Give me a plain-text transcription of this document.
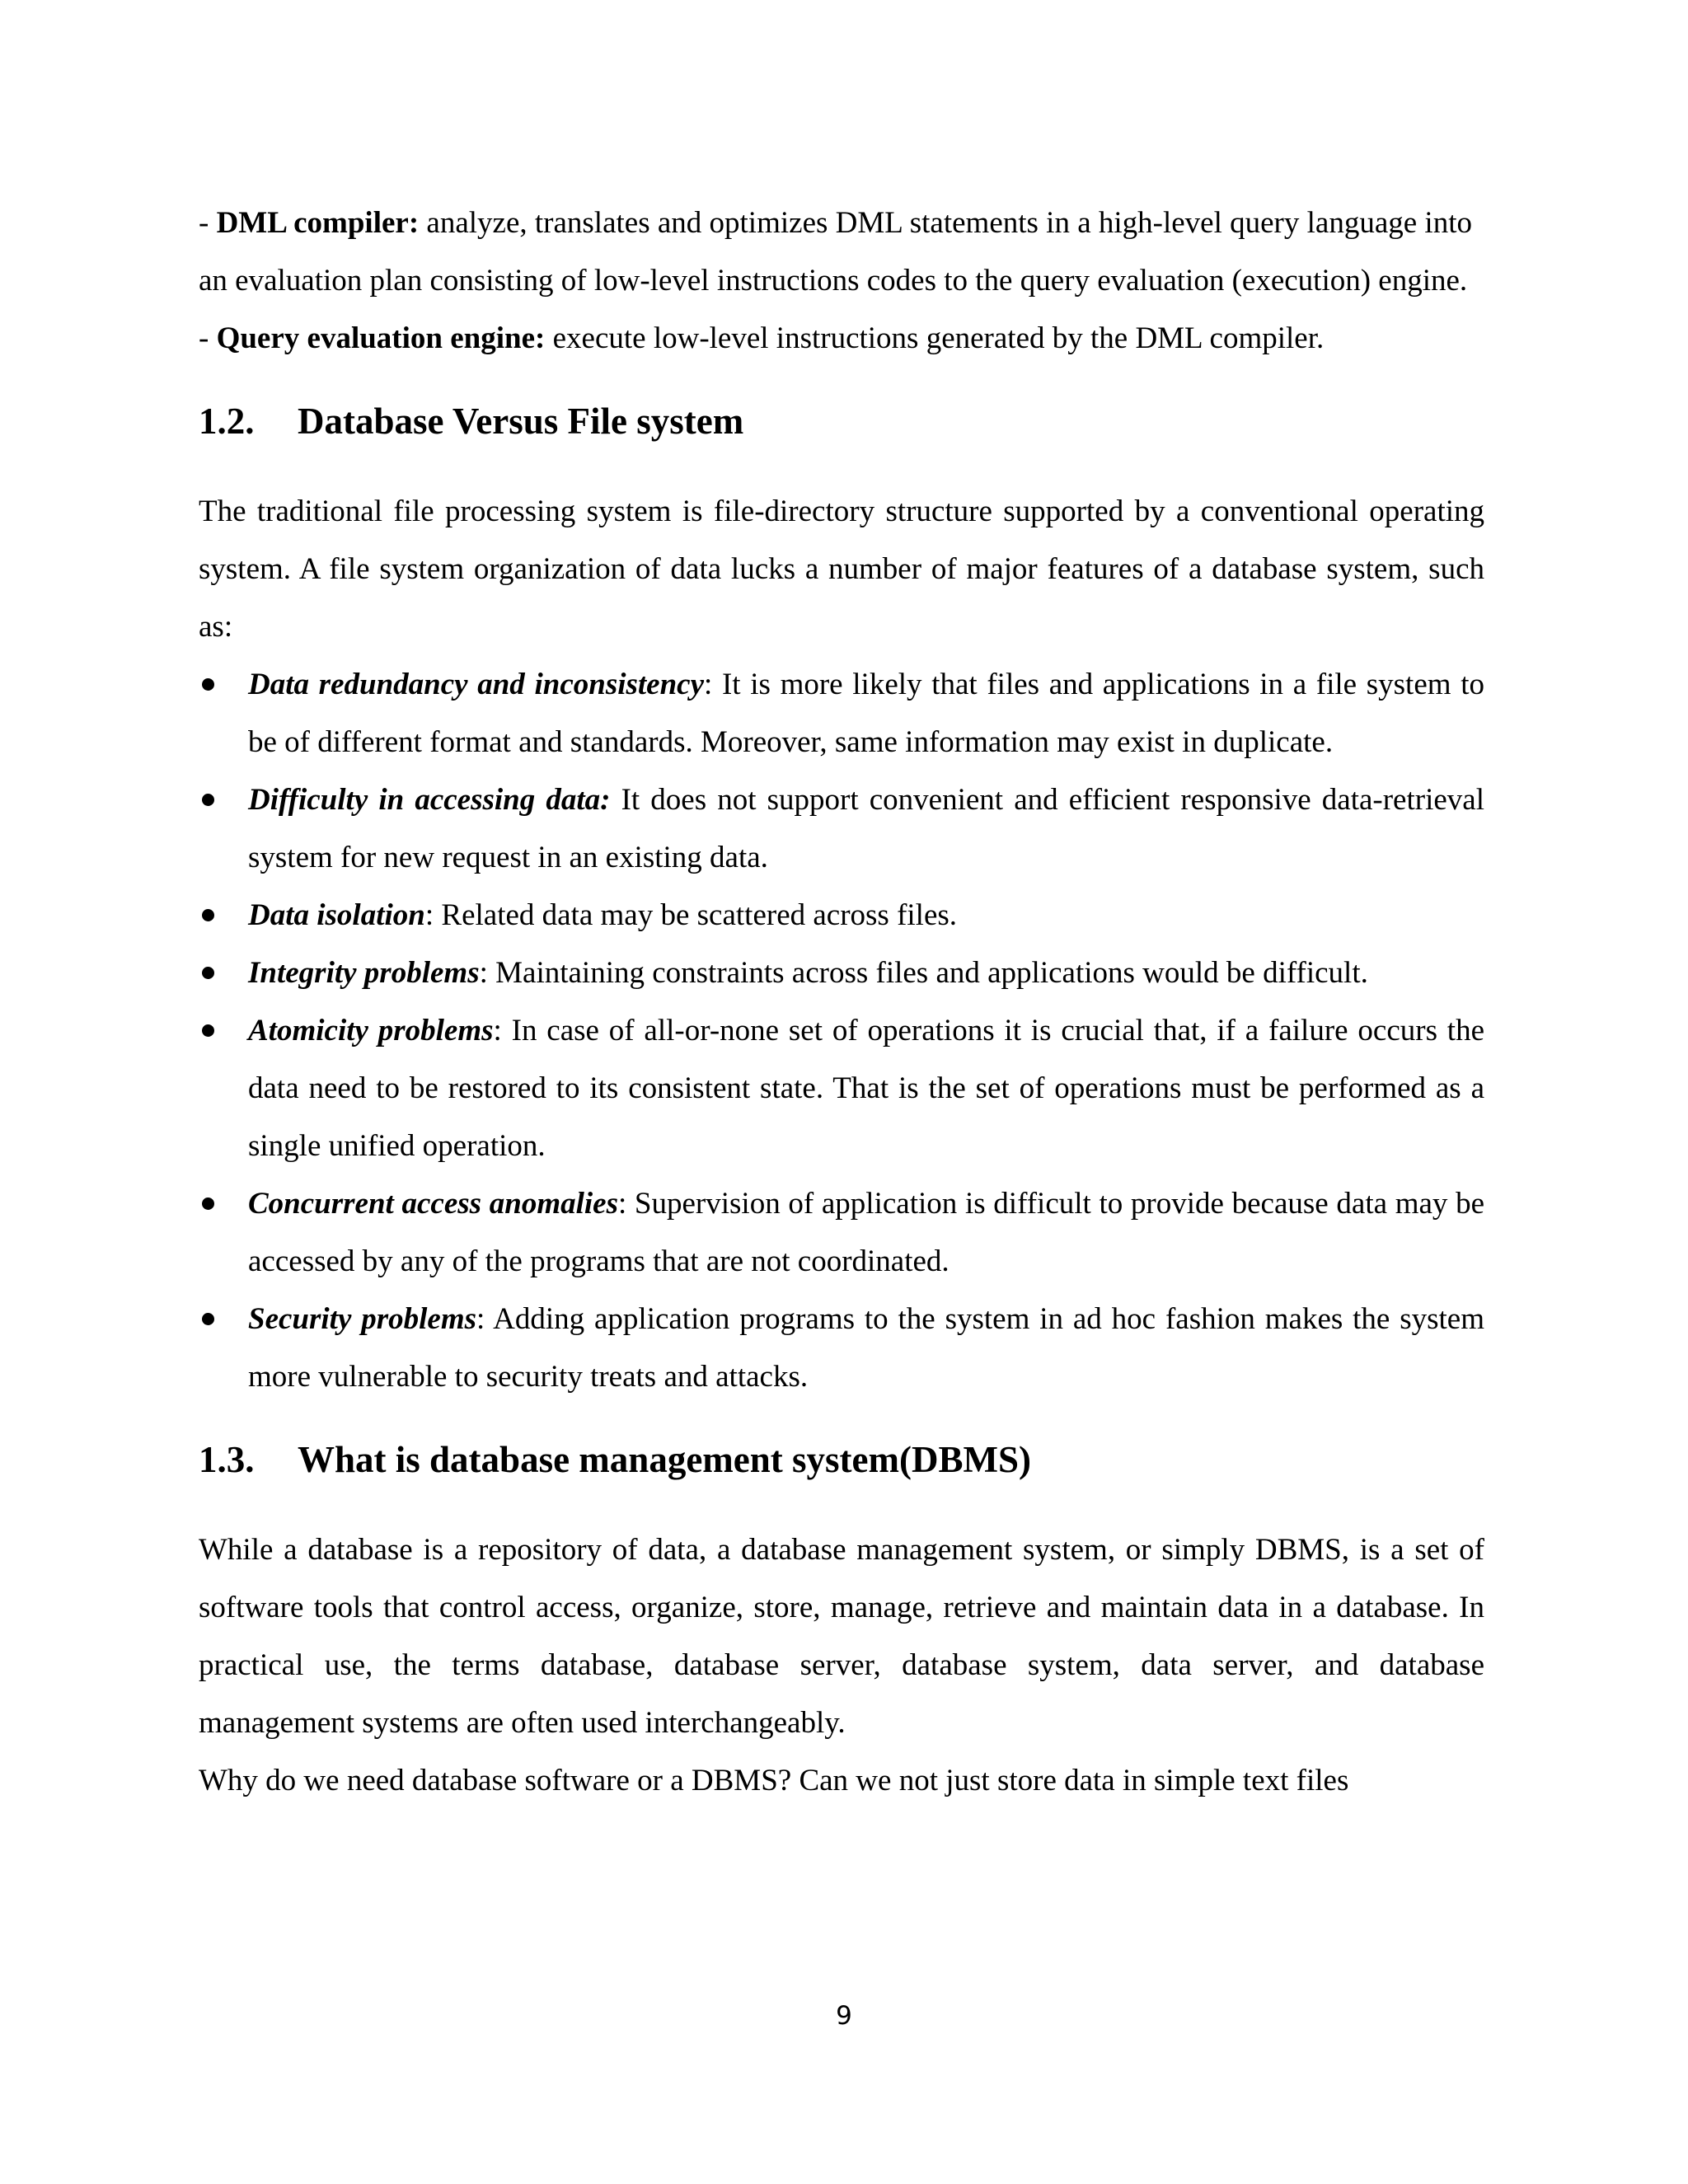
- DML compiler: analyze, translates and optimizes DML statements in a high-level query language into an evaluation plan consisting of low-level instructions codes to the query evaluation (execution) engine.

- Query evaluation engine: execute low-level instructions generated by the DML compiler.

1.2.	Database Versus File system

The traditional file processing system is file-directory structure supported by a conventional operating system. A file system organization of data lucks a number of major features of a database system, such as:

Data redundancy and inconsistency: It is more likely that files and applications in a file system to be of different format and standards. Moreover, same information may exist in duplicate.
Difficulty in accessing data: It does not support convenient and efficient responsive data-retrieval system for new request in an existing data.
Data isolation: Related data may be scattered across files.
Integrity problems: Maintaining constraints across files and applications would be difficult.
Atomicity problems: In case of all-or-none set of operations it is crucial that, if a failure occurs the data need to be restored to its consistent state. That is the set of operations must be performed as a single unified operation.
Concurrent access anomalies: Supervision of application is difficult to provide because data may be accessed by any of the programs that are not coordinated.
Security problems: Adding application programs to the system in ad hoc fashion makes the system more vulnerable to security treats and attacks.
1.3.	What is database management system(DBMS)

While a database is a repository of data, a database management system, or simply DBMS, is a set of software tools that control access, organize, store, manage, retrieve and maintain data in a database. In practical use, the terms database, database server, database system, data server, and database management systems are often used interchangeably.

Why do we need database software or a DBMS? Can we not just store data in simple text files

9
